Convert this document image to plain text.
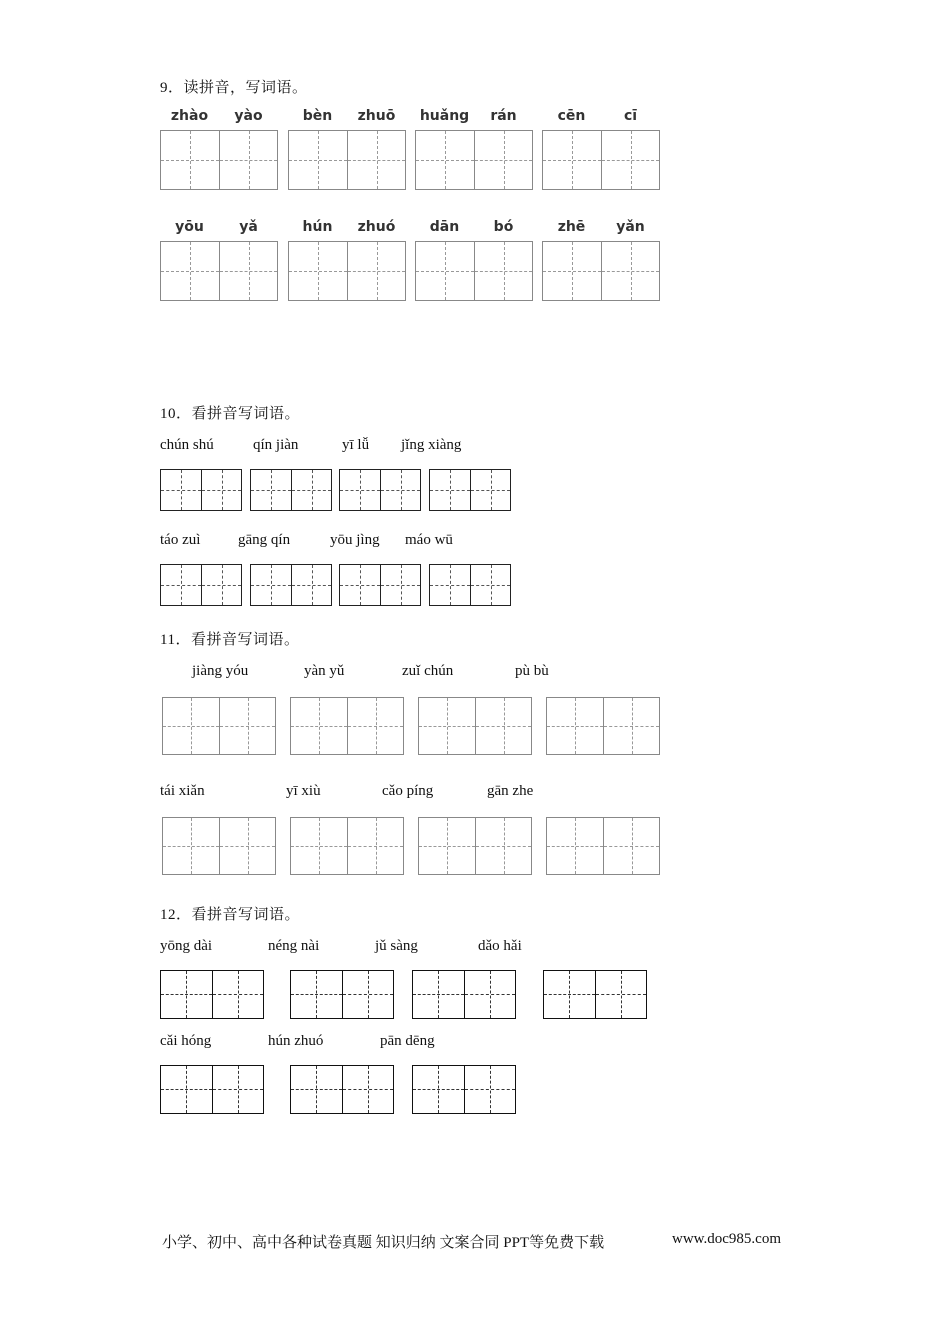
9．读拼音，写词语。
10．看拼音写词语。
11．看拼音写词语。
12．看拼音写词语。
小学、初中、高中各种试卷真题 知识归纳 文案合同 PPT等免费下载	www.doc985.com
zhào	yào	bèn	zhuō	huǎng	rán	cēn	cī
yōu	yǎ	hún	zhuó	dān	bó	zhē	yǎn
chún shú	qín jiàn	yī lǚ jǐng xiàng
táo zuì	gāng qín	yōu jìng máo wū
jiàng yóu	yàn yǔ	zuǐ chún	pù bù
tái xiǎn	yī xiù	cǎo píng	gān zhe
yōng dài	néng nài	jǔ sàng	dǎo hǎi
cǎi hóng	hún zhuó	pān dēng
